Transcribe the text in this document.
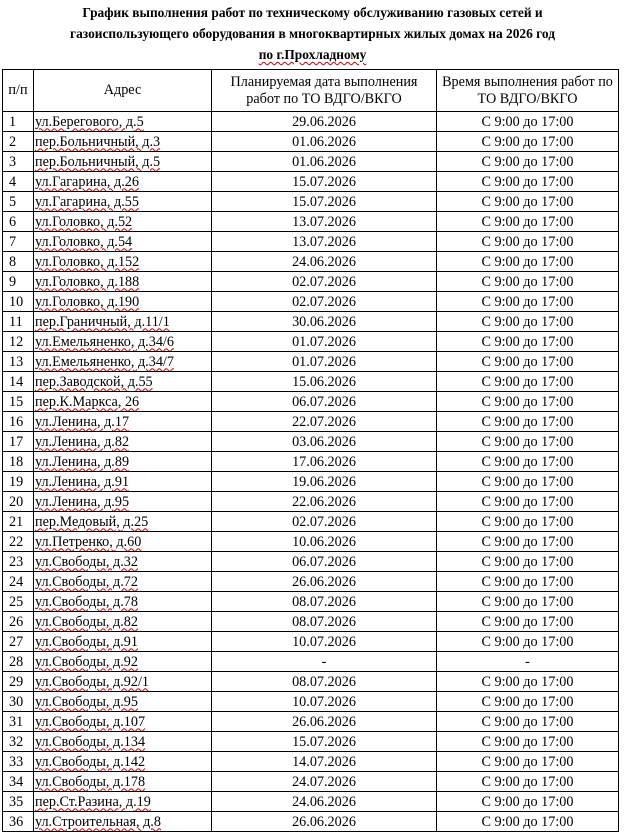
График выполнения работ по техническому обслуживанию газовых сетей и
газоиспользующего оборудования в многоквартирных жилых домах на 2026 год
по г.Прохладному
п/п	Адрес	Планируемая дата выполнения работ по ТО ВДГО/ВКГО	Время выполнения работ по ТО ВДГО/ВКГО
1	ул.Берегового, д.5	29.06.2026	С 9:00 до 17:00
2	пер.Больничный, д.3	01.06.2026	С 9:00 до 17:00
3	пер.Больничный, д.5	01.06.2026	С 9:00 до 17:00
4	ул.Гагарина, д.26	15.07.2026	С 9:00 до 17:00
5	ул.Гагарина, д.55	15.07.2026	С 9:00 до 17:00
6	ул.Головко, д.52	13.07.2026	С 9:00 до 17:00
7	ул.Головко, д.54	13.07.2026	С 9:00 до 17:00
8	ул.Головко, д.152	24.06.2026	С 9:00 до 17:00
9	ул.Головко, д.188	02.07.2026	С 9:00 до 17:00
10	ул.Головко, д.190	02.07.2026	С 9:00 до 17:00
11	пер.Граничный, д.11/1	30.06.2026	С 9:00 до 17:00
12	ул.Емельяненко, д.34/6	01.07.2026	С 9:00 до 17:00
13	ул.Емельяненко, д.34/7	01.07.2026	С 9:00 до 17:00
14	пер.Заводской, д.55	15.06.2026	С 9:00 до 17:00
15	пер.К.Маркса, 26	06.07.2026	С 9:00 до 17:00
16	ул.Ленина, д.17	22.07.2026	С 9:00 до 17:00
17	ул.Ленина, д.82	03.06.2026	С 9:00 до 17:00
18	ул.Ленина, д.89	17.06.2026	С 9:00 до 17:00
19	ул.Ленина, д.91	19.06.2026	С 9:00 до 17:00
20	ул.Ленина, д.95	22.06.2026	С 9:00 до 17:00
21	пер.Медовый, д.25	02.07.2026	С 9:00 до 17:00
22	ул.Петренко, д.60	10.06.2026	С 9:00 до 17:00
23	ул.Свободы, д.32	06.07.2026	С 9:00 до 17:00
24	ул.Свободы, д.72	26.06.2026	С 9:00 до 17:00
25	ул.Свободы, д.78	08.07.2026	С 9:00 до 17:00
26	ул.Свободы, д.82	08.07.2026	С 9:00 до 17:00
27	ул.Свободы, д.91	10.07.2026	С 9:00 до 17:00
28	ул.Свободы, д.92	-	-
29	ул.Свободы, д.92/1	08.07.2026	С 9:00 до 17:00
30	ул.Свободы, д.95	10.07.2026	С 9:00 до 17:00
31	ул.Свободы, д.107	26.06.2026	С 9:00 до 17:00
32	ул.Свободы, д.134	15.07.2026	С 9:00 до 17:00
33	ул.Свободы, д.142	14.07.2026	С 9:00 до 17:00
34	ул.Свободы, д.178	24.07.2026	С 9:00 до 17:00
35	пер.Ст.Разина, д.19	24.06.2026	С 9:00 до 17:00
36	ул.Строительная, д.8	26.06.2026	С 9:00 до 17:00
